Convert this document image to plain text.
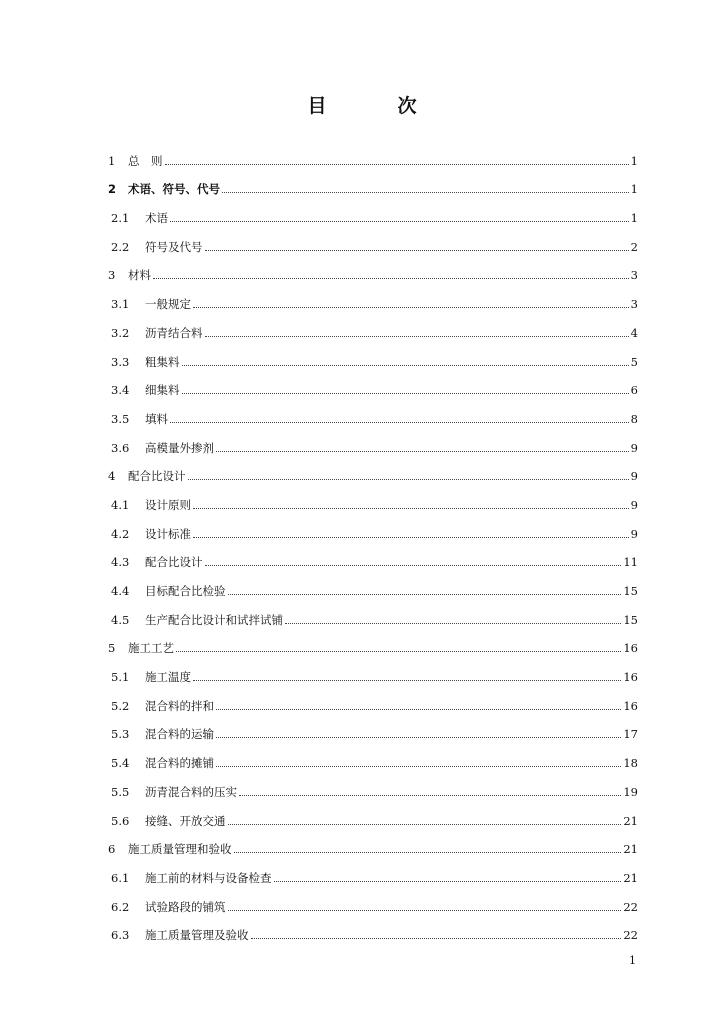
目　次
1	总　则	1
2	术语、符号、代号	1
2.1	术语	1
2.2	符号及代号	2
3	材料	3
3.1	一般规定	3
3.2	沥青结合料	4
3.3	粗集料	5
3.4	细集料	6
3.5	填料	8
3.6	高模量外掺剂	9
4	配合比设计	9
4.1	设计原则	9
4.2	设计标准	9
4.3	配合比设计	11
4.4	目标配合比检验	15
4.5	生产配合比设计和试拌试铺	15
5	施工工艺	16
5.1	施工温度	16
5.2	混合料的拌和	16
5.3	混合料的运输	17
5.4	混合料的摊铺	18
5.5	沥青混合料的压实	19
5.6	接缝、开放交通	21
6	施工质量管理和验收	21
6.1	施工前的材料与设备检查	21
6.2	试验路段的铺筑	22
6.3	施工质量管理及验收	22
1
